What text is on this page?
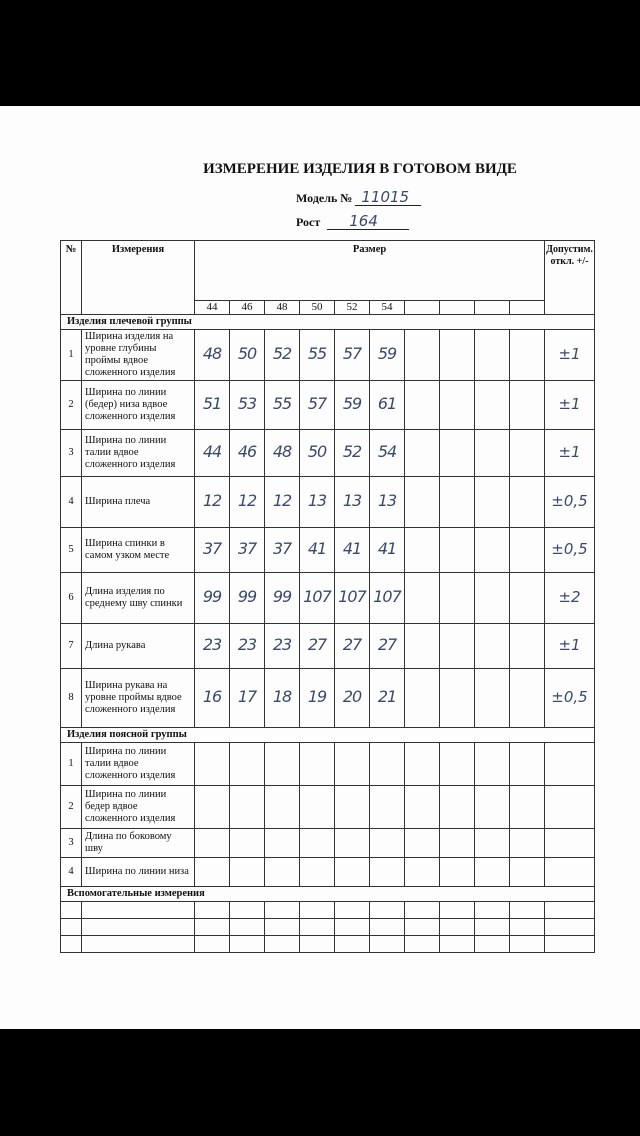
ИЗМЕРЕНИЕ ИЗДЕЛИЯ В ГОТОВОМ ВИДЕ
Модель № 11015
Рост 164
№	Измерения	Размер										Допустим. откл. +/-
		44	46	48	50	52	54					
Изделия плечевой группы												
1	Ширина изделия на уровне глубины проймы вдвое сложенного изделия	48	50	52	55	57	59					±1
2	Ширина по линии (бедер) низа вдвое сложенного изделия	51	53	55	57	59	61					±1
3	Ширина по линии талии вдвое сложенного изделия	44	46	48	50	52	54					±1
4	Ширина плеча	12	12	12	13	13	13					±0,5
5	Ширина спинки в самом узком месте	37	37	37	41	41	41					±0,5
6	Длина изделия по среднему шву спинки	99	99	99	107	107	107					±2
7	Длина рукава	23	23	23	27	27	27					±1
8	Ширина рукава на уровне проймы вдвое сложенного изделия	16	17	18	19	20	21					±0,5
Изделия поясной группы												
1	Ширина по линии талии вдвое сложенного изделия											
2	Ширина по линии бедер вдвое сложенного изделия											
3	Длина по боковому шву											
4	Ширина по линии низа											
Вспомогательные измерения												
